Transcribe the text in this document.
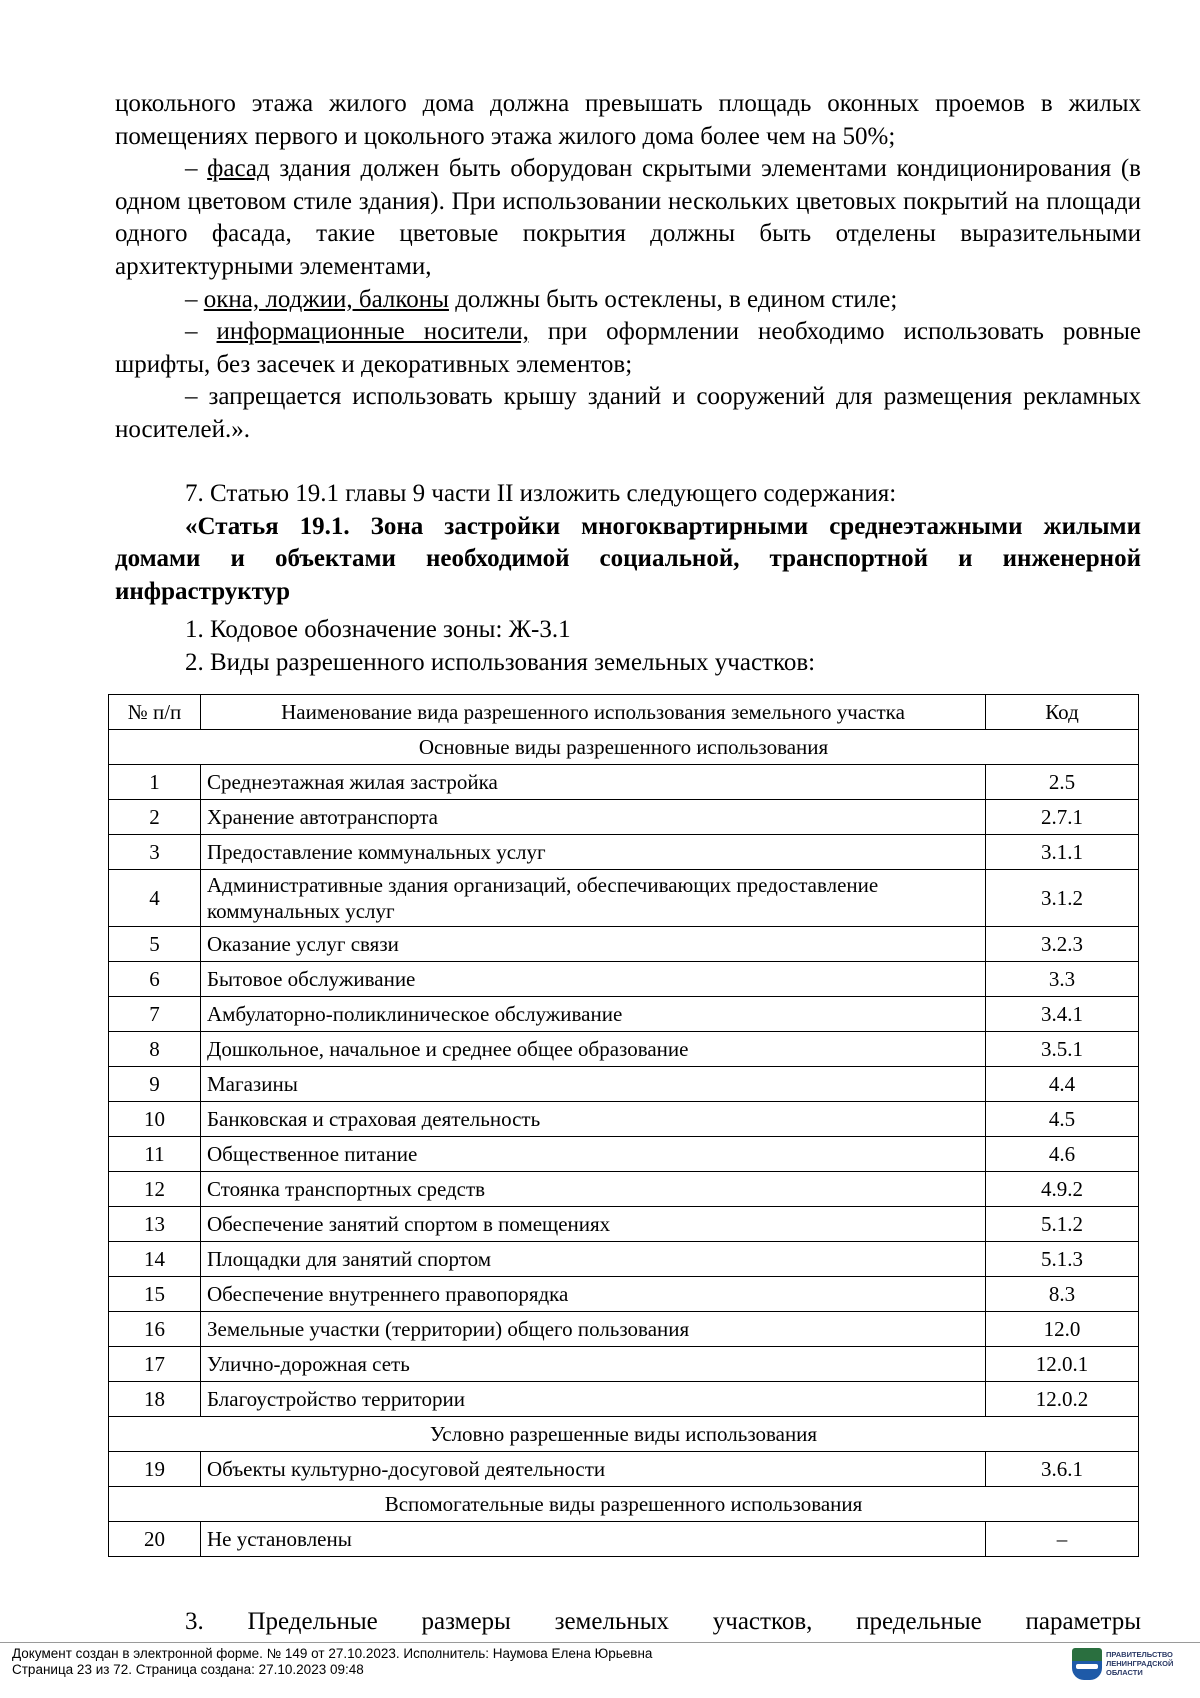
цокольного этажа жилого дома должна превышать площадь оконных проемов в жилых помещениях первого и цокольного этажа жилого дома более чем на 50%;

– фасад здания должен быть оборудован скрытыми элементами кондиционирования (в одном цветовом стиле здания). При использовании нескольких цветовых покрытий на площади одного фасада, такие цветовые покрытия должны быть отделены выразительными архитектурными элементами,

– окна, лоджии, балконы должны быть остеклены, в едином стиле;

– информационные носители, при оформлении необходимо использовать ровные шрифты, без засечек и декоративных элементов;

– запрещается использовать крышу зданий и сооружений для размещения рекламных носителей.».

7. Статью 19.1 главы 9 части II изложить следующего содержания:

«Статья 19.1. Зона застройки многоквартирными среднеэтажными жилыми домами и объектами необходимой социальной, транспортной и инженерной инфраструктур

1. Кодовое обозначение зоны: Ж-3.1

2. Виды разрешенного использования земельных участков:

№ п/п	Наименование вида разрешенного использования земельного участка	Код
Основные виды разрешенного использования		
1	Среднеэтажная жилая застройка	2.5
2	Хранение автотранспорта	2.7.1
3	Предоставление коммунальных услуг	3.1.1
4	Административные здания организаций, обеспечивающих предоставление коммунальных услуг	3.1.2
5	Оказание услуг связи	3.2.3
6	Бытовое обслуживание	3.3
7	Амбулаторно-поликлиническое обслуживание	3.4.1
8	Дошкольное, начальное и среднее общее образование	3.5.1
9	Магазины	4.4
10	Банковская и страховая деятельность	4.5
11	Общественное питание	4.6
12	Стоянка транспортных средств	4.9.2
13	Обеспечение занятий спортом в помещениях	5.1.2
14	Площадки для занятий спортом	5.1.3
15	Обеспечение внутреннего правопорядка	8.3
16	Земельные участки (территории) общего пользования	12.0
17	Улично-дорожная сеть	12.0.1
18	Благоустройство территории	12.0.2
Условно разрешенные виды использования		
19	Объекты культурно-досуговой деятельности	3.6.1
Вспомогательные виды разрешенного использования		
20	Не установлены	–

3. Предельные размеры земельных участков, предельные параметры

Документ создан в электронной форме. № 149 от 27.10.2023. Исполнитель: Наумова Елена Юрьевна
Страница 23 из 72. Страница создана: 27.10.2023 09:48
ПРАВИТЕЛЬСТВО ЛЕНИНГРАДСКОЙ ОБЛАСТИ
